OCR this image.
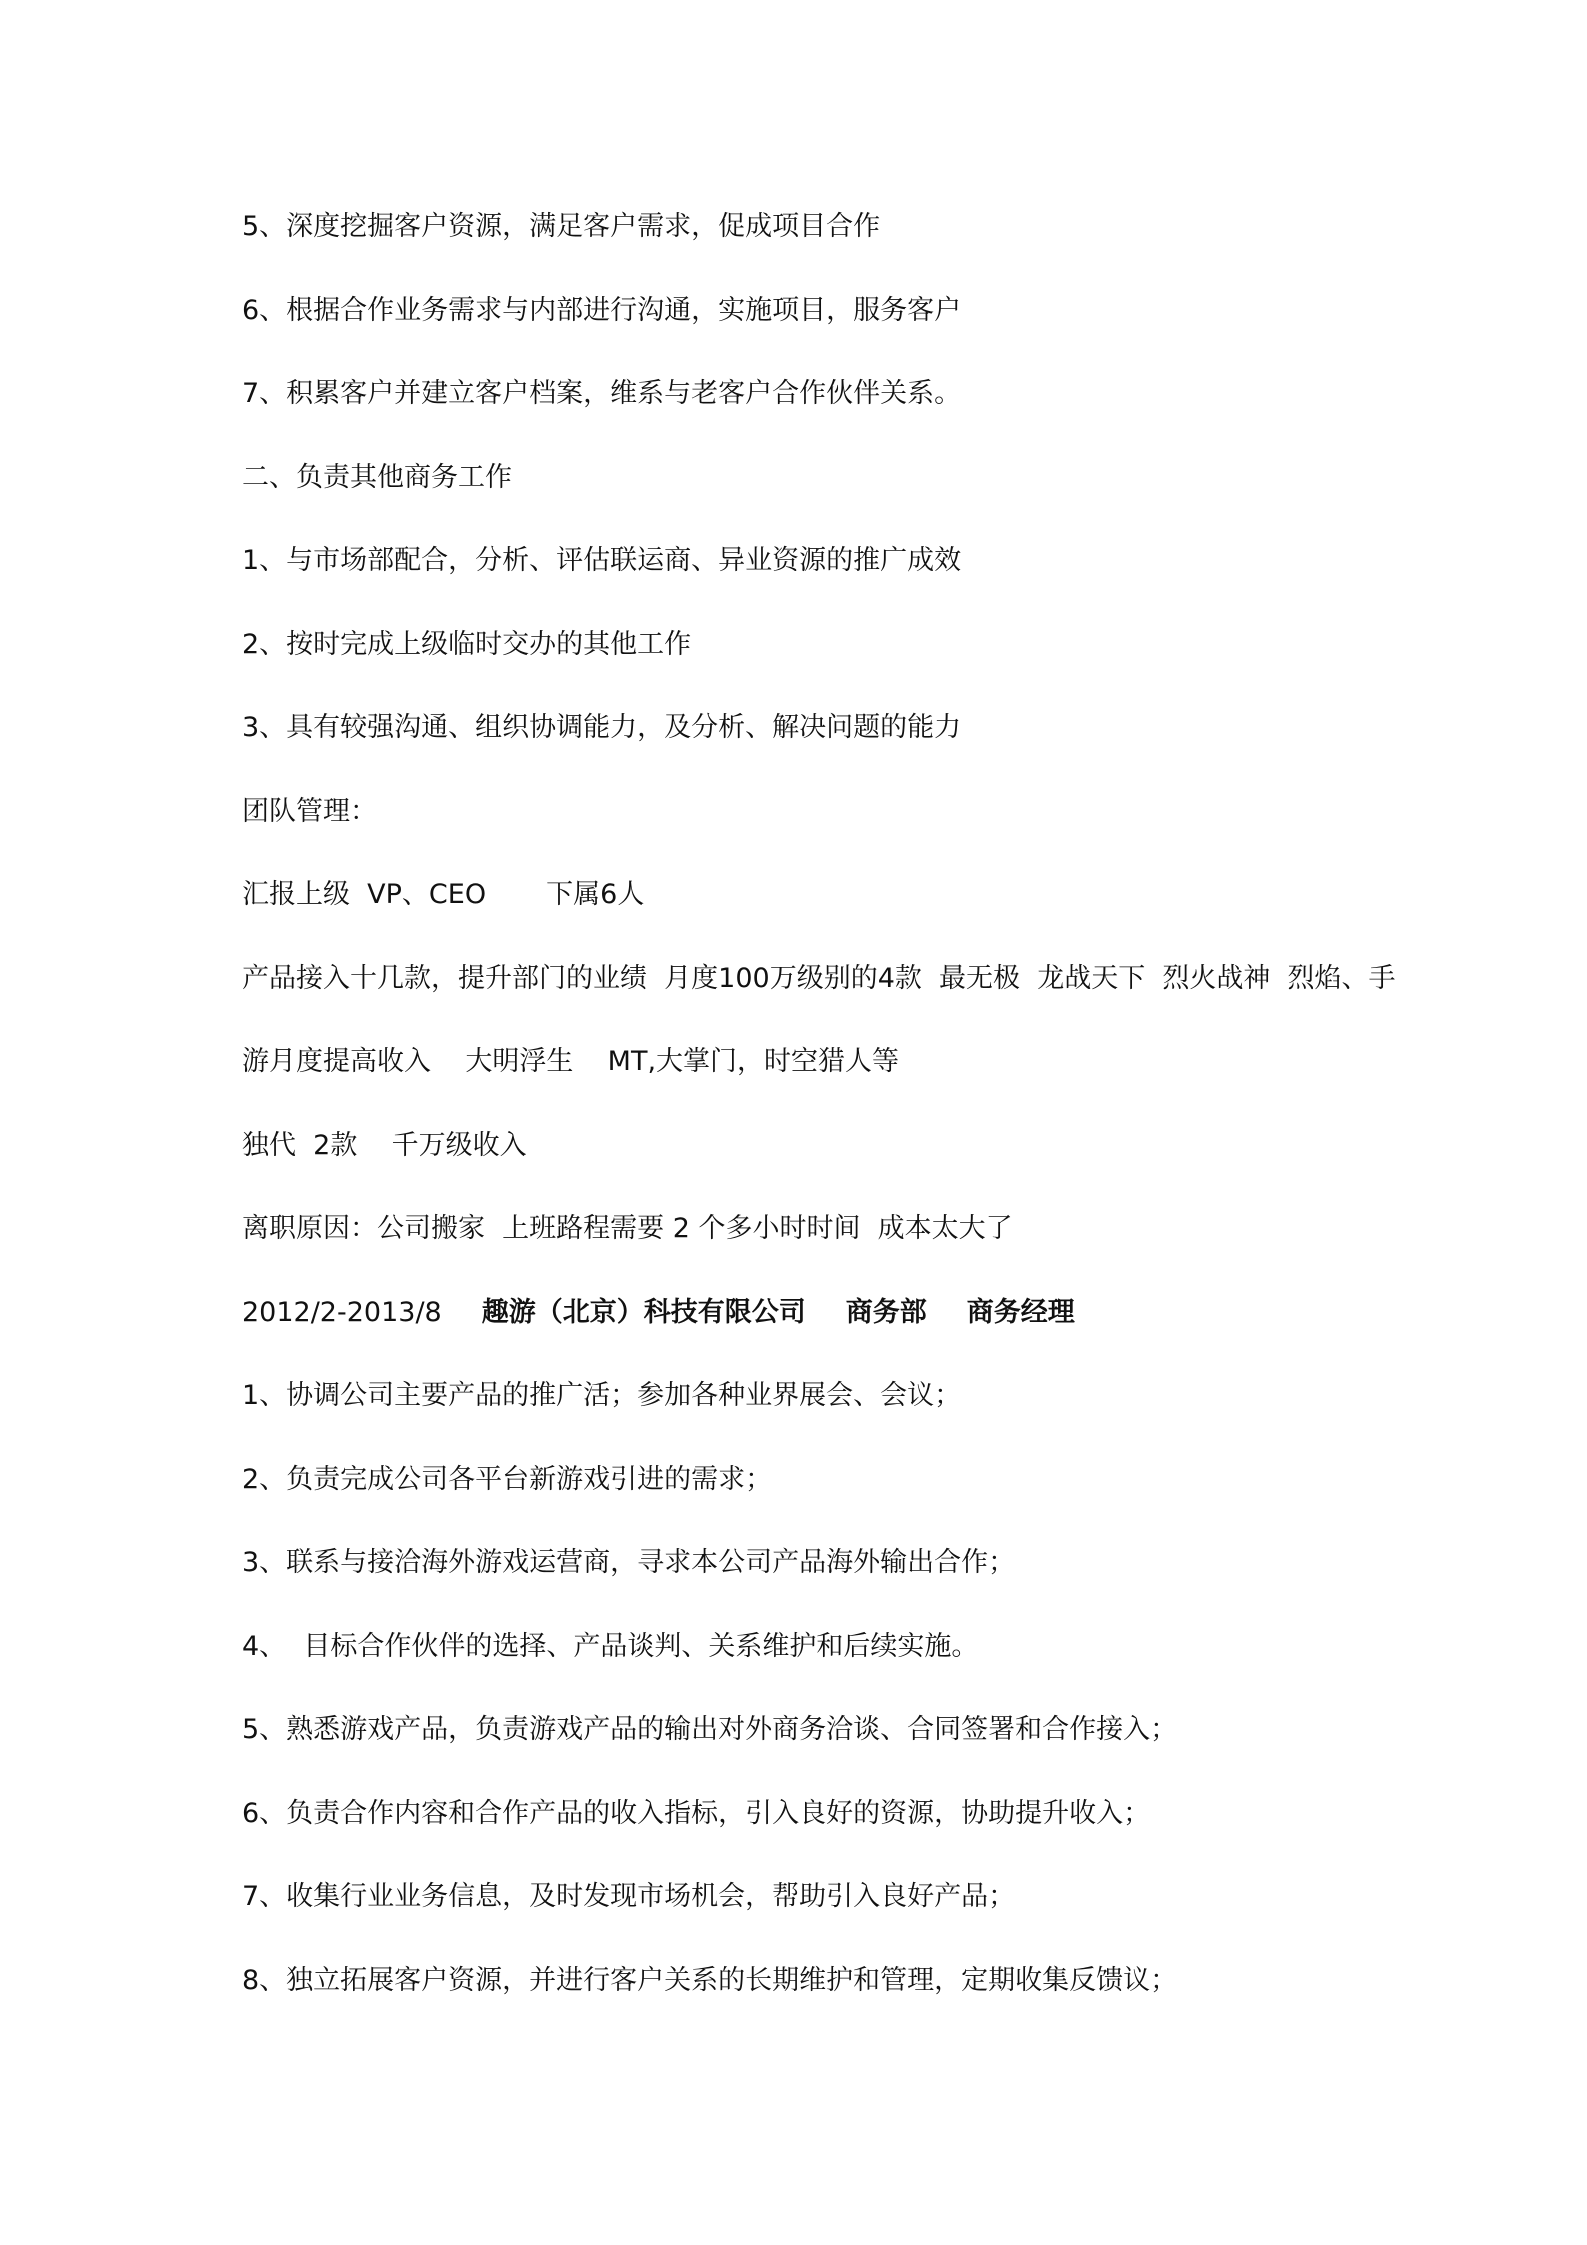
5、深度挖掘客户资源，满足客户需求，促成项目合作
6、根据合作业务需求与内部进行沟通，实施项目，服务客户
7、积累客户并建立客户档案，维系与老客户合作伙伴关系。
二、负责其他商务工作
1、与市场部配合，分析、评估联运商、异业资源的推广成效
2、按时完成上级临时交办的其他工作
3、具有较强沟通、组织协调能力，及分析、解决问题的能力
团队管理：
汇报上级  VP、CEO       下属6人
产品接入十几款，提升部门的业绩  月度100万级别的4款  最无极  龙战天下  烈火战神  烈焰、手
游月度提高收入    大明浮生    MT,大掌门，时空猎人等
独代  2款    千万级收入
离职原因：公司搬家  上班路程需要 2 个多小时时间  成本太大了
2012/2-2013/8 趣游（北京）科技有限公司 商务部 商务经理
1、协调公司主要产品的推广活；参加各种业界展会、会议；
2、负责完成公司各平台新游戏引进的需求；
3、联系与接洽海外游戏运营商，寻求本公司产品海外输出合作；
4、  目标合作伙伴的选择、产品谈判、关系维护和后续实施。
5、熟悉游戏产品，负责游戏产品的输出对外商务洽谈、合同签署和合作接入；
6、负责合作内容和合作产品的收入指标，引入良好的资源，协助提升收入；
7、收集行业业务信息，及时发现市场机会，帮助引入良好产品；
8、独立拓展客户资源，并进行客户关系的长期维护和管理，定期收集反馈议；
